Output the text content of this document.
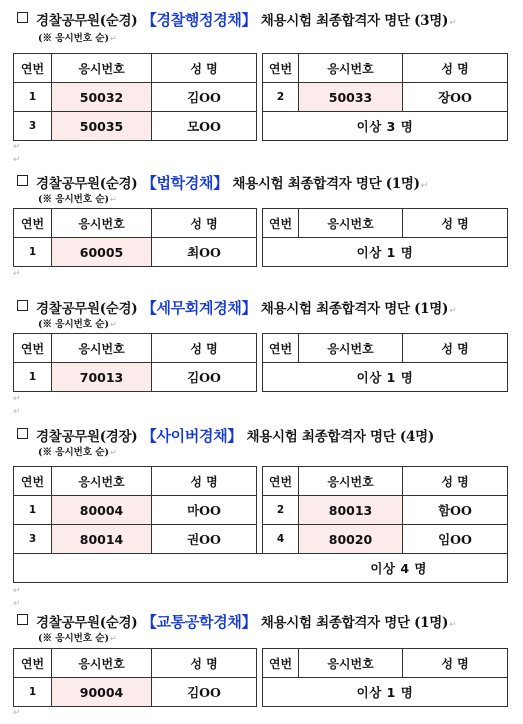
경찰공무원(순경) 【경찰행정경채】 채용시험 최종합격자 명단 (3명)↵
(※ 응시번호 순)↵
연번	응시번호	성 명		연번	응시번호	성 명
1	50032	김OO		2	50033	장OO
3	50035	모OO		이상 3 명		
↵
↵
경찰공무원(순경) 【법학경채】 채용시험 최종합격자 명단 (1명)↵
(※ 응시번호 순)↵
연번	응시번호	성 명		연번	응시번호	성 명
1	60005	최OO		이상 1 명		
↵
경찰공무원(순경) 【세무회계경채】 채용시험 최종합격자 명단 (1명)↵
(※ 응시번호 순)↵
연번	응시번호	성 명		연번	응시번호	성 명
1	70013	김OO		이상 1 명		
↵
↵
경찰공무원(경장) 【사이버경채】 채용시험 최종합격자 명단 (4명)
(※ 응시번호 순)↵
연번	응시번호	성 명		연번	응시번호	성 명
1	80004	마OO		2	80013	함OO
3	80014	권OO		4	80020	임OO
이상 4 명						
↵
↵
경찰공무원(순경) 【교통공학경채】 채용시험 최종합격자 명단 (1명)↵
(※ 응시번호 순)↵
연번	응시번호	성 명		연번	응시번호	성 명
1	90004	김OO		이상 1 명		
↵
